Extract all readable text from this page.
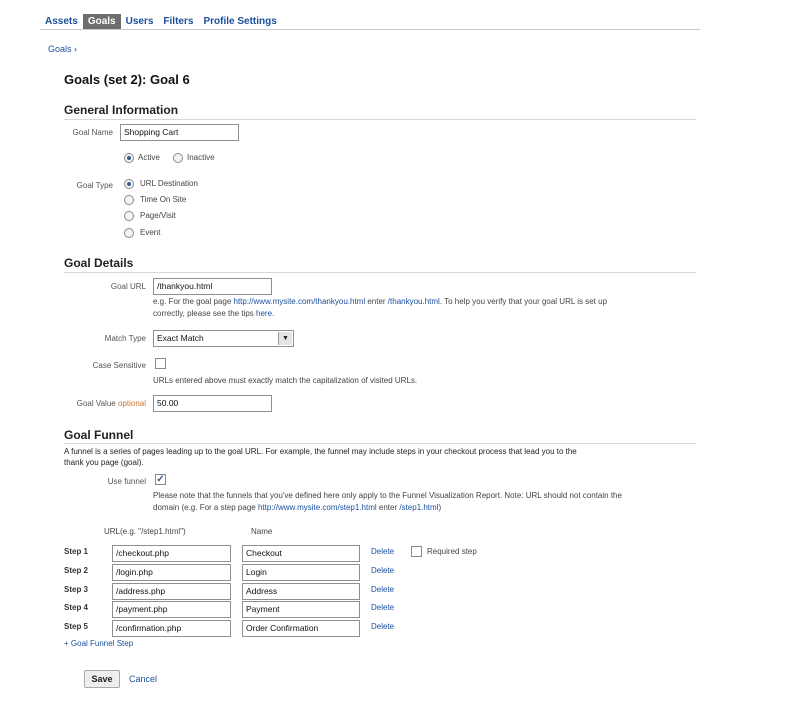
Assets	Goals	Users	Filters	Profile Settings
Goals ›
Goals (set 2): Goal 6
General Information
Goal Name	Shopping Cart
Active	Inactive
Goal Type	URL Destination
Time On Site
Page/Visit
Event
Goal Details
Goal URL	/thankyou.html
e.g. For the goal page http://www.mysite.com/thankyou.html enter /thankyou.html. To help you verify that your goal URL is set up
correctly, please see the tips here.
Match Type	Exact Match	▼
Case Sensitive
URLs entered above must exactly match the capitalization of visited URLs.
Goal Value optional	50.00
Goal Funnel
A funnel is a series of pages leading up to the goal URL. For example, the funnel may include steps in your checkout process that lead you to the
thank you page (goal).
Use funnel ✓
Please note that the funnels that you've defined here only apply to the Funnel Visualization Report. Note: URL should not contain the
domain (e.g. For a step page http://www.mysite.com/step1.html enter /step1.html)
URL(e.g. "/step1.html")	Name
Step 1	/checkout.php	Checkout	Delete	Required step
Step 2	/login.php	Login	Delete
Step 3	/address.php	Address	Delete
Step 4	/payment.php	Payment	Delete
Step 5	/confirmation.php	Order Confirmation	Delete
+ Goal Funnel Step
Save	Cancel
